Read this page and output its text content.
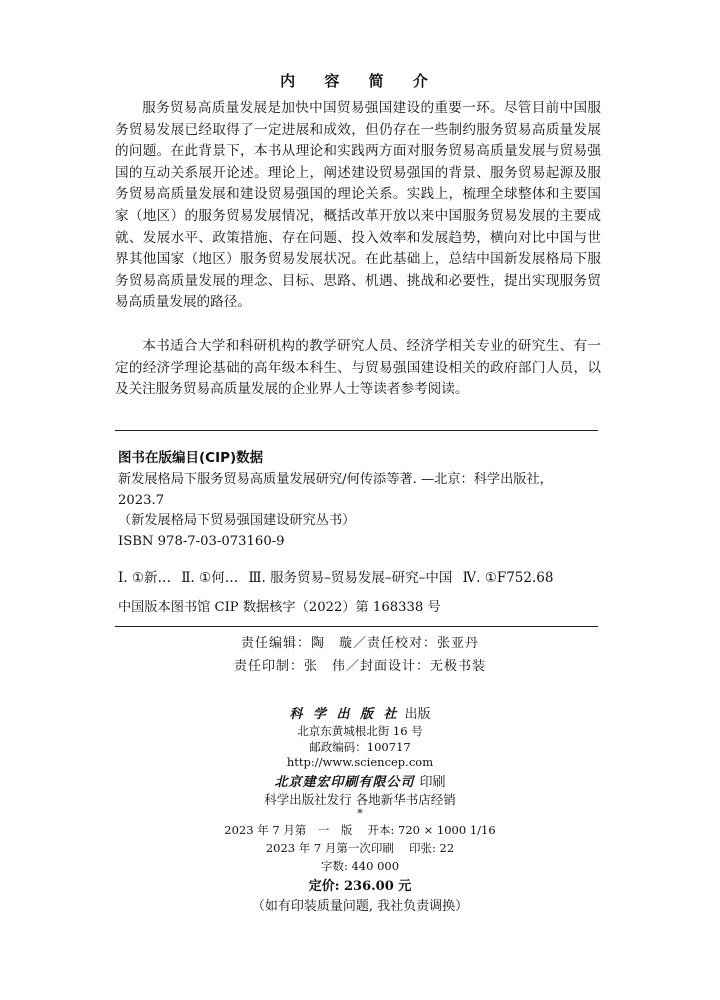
内 容 简 介

服务贸易高质量发展是加快中国贸易强国建设的重要一环。尽管目前中国服务贸易发展已经取得了一定进展和成效，但仍存在一些制约服务贸易高质量发展的问题。在此背景下，本书从理论和实践两方面对服务贸易高质量发展与贸易强国的互动关系展开论述。理论上，阐述建设贸易强国的背景、服务贸易起源及服务贸易高质量发展和建设贸易强国的理论关系。实践上，梳理全球整体和主要国家（地区）的服务贸易发展情况，概括改革开放以来中国服务贸易发展的主要成就、发展水平、政策措施、存在问题、投入效率和发展趋势，横向对比中国与世界其他国家（地区）服务贸易发展状况。在此基础上，总结中国新发展格局下服务贸易高质量发展的理念、目标、思路、机遇、挑战和必要性，提出实现服务贸易高质量发展的路径。

本书适合大学和科研机构的教学研究人员、经济学相关专业的研究生、有一定的经济学理论基础的高年级本科生、与贸易强国建设相关的政府部门人员，以及关注服务贸易高质量发展的企业界人士等读者参考阅读。

图书在版编目(CIP)数据
新发展格局下服务贸易高质量发展研究/何传添等著. —北京：科学出版社，2023.7
（新发展格局下贸易强国建设研究丛书）
ISBN 978-7-03-073160-9
Ⅰ. ①新… Ⅱ. ①何… Ⅲ. 服务贸易–贸易发展–研究–中国 Ⅳ. ①F752.68
中国版本图书馆 CIP 数据核字（2022）第 168338 号
责任编辑：陶　璇／责任校对：张亚丹
责任印制：张　伟／封面设计：无极书装
科 学 出 版 社 出版
北京东黄城根北街 16 号
邮政编码：100717
http://www.sciencep.com
北京建宏印刷有限公司 印刷
科学出版社发行 各地新华书店经销
*
2023 年 7 月第　一　版　 开本: 720 × 1000 1/16
2023 年 7 月第一次印刷　 印张: 22
字数: 440 000
定价: 236.00 元
（如有印装质量问题, 我社负责调换）
